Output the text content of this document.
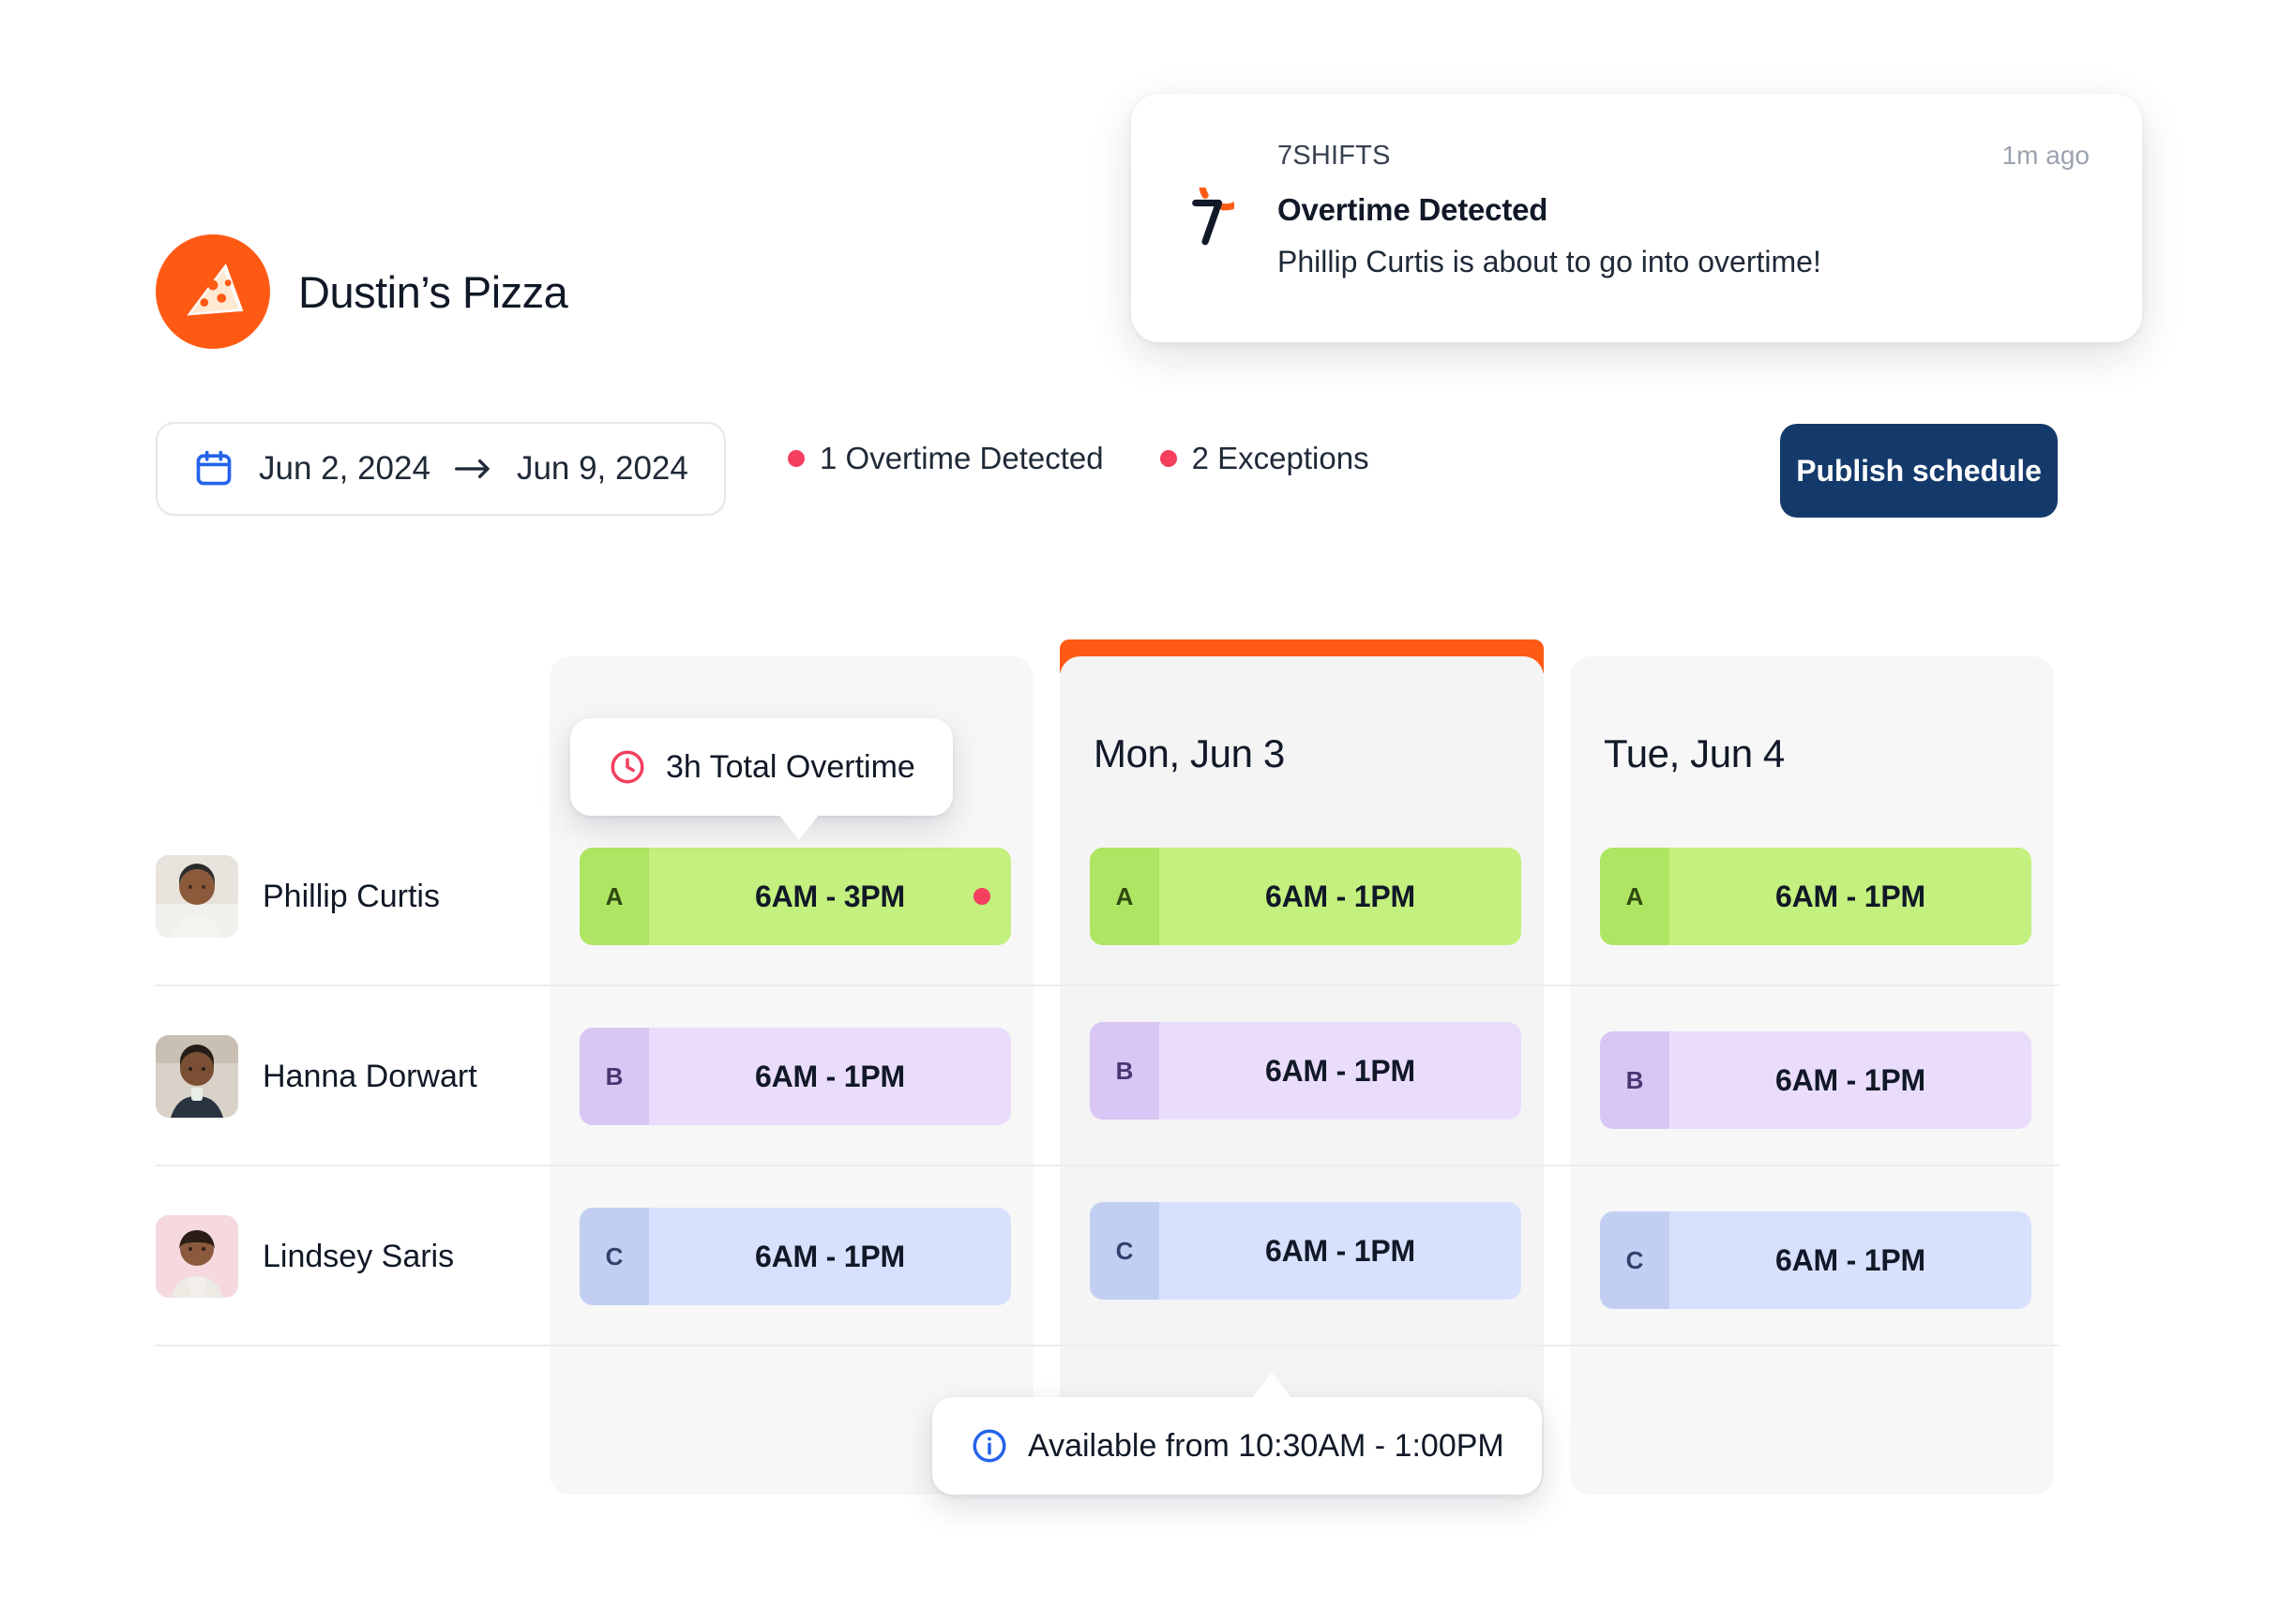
Dustin’s Pizza
7SHIFTS	1m ago
Overtime Detected
Phillip Curtis is about to go into overtime!
Jun 2, 2024	Jun 9, 2024	1 Overtime Detected	2 Exceptions	Publish schedule
Mon, Jun 3	Tue, Jun 4
Phillip Curtis	A	6AM - 3PM	A	6AM - 1PM	A	6AM - 1PM
Hanna Dorwart	B	6AM - 1PM	B	6AM - 1PM	B	6AM - 1PM
Lindsey Saris	C	6AM - 1PM	C	6AM - 1PM	C	6AM - 1PM
3h Total Overtime
Available from 10:30AM - 1:00PM
